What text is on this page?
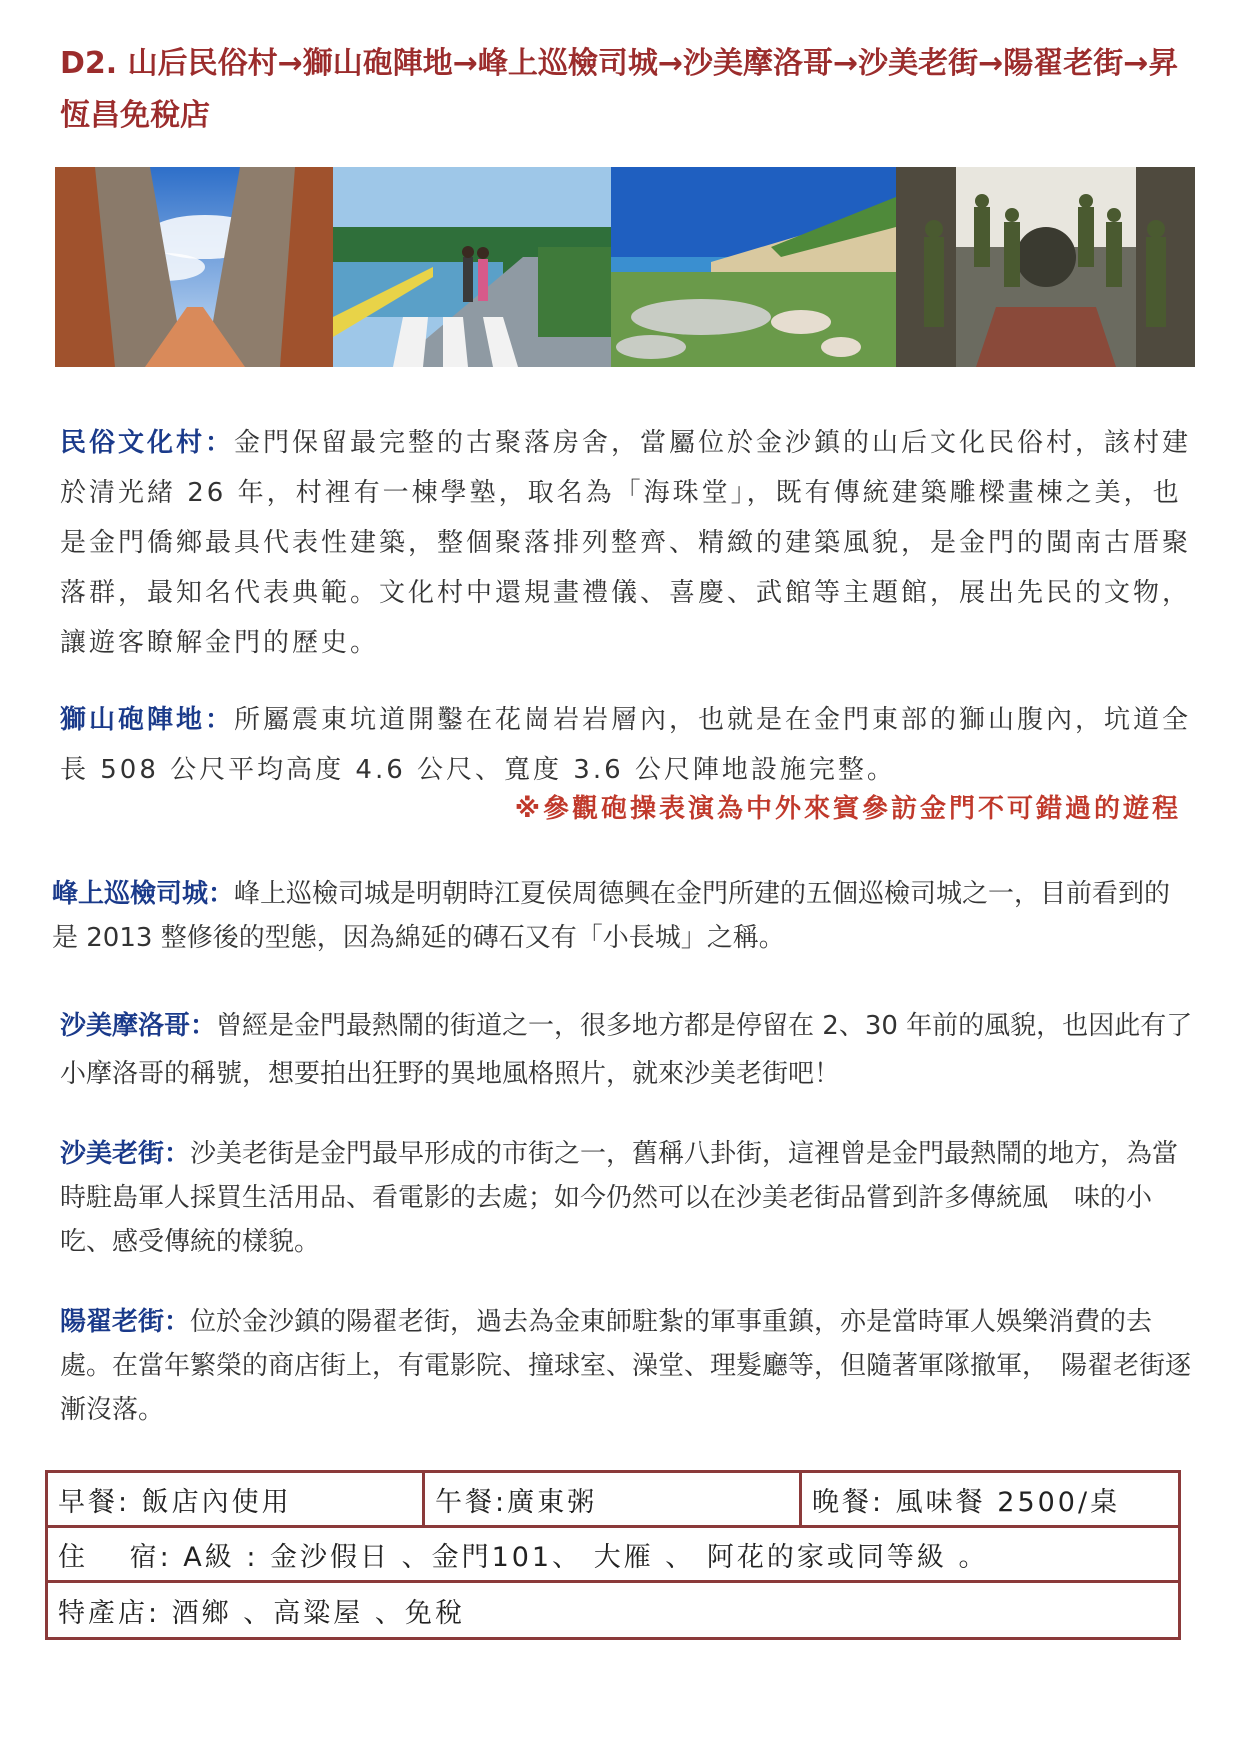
D2. 山后民俗村→獅山砲陣地→峰上巡檢司城→沙美摩洛哥→沙美老街→陽翟老街→昇恆昌免稅店

民俗文化村：金門保留最完整的古聚落房舍，當屬位於金沙鎮的山后文化民俗村，該村建於清光緒 26 年，村裡有一棟學塾，取名為「海珠堂」，既有傳統建築雕樑畫棟之美，也是金門僑鄉最具代表性建築，整個聚落排列整齊、精緻的建築風貌，是金門的閩南古厝聚落群，最知名代表典範。文化村中還規畫禮儀、喜慶、武館等主題館，展出先民的文物，讓遊客瞭解金門的歷史。

獅山砲陣地：所屬震東坑道開鑿在花崗岩岩層內，也就是在金門東部的獅山腹內，坑道全長 508 公尺平均高度 4.6 公尺、寬度 3.6 公尺陣地設施完整。

※參觀砲操表演為中外來賓參訪金門不可錯過的遊程

峰上巡檢司城：峰上巡檢司城是明朝時江夏侯周德興在金門所建的五個巡檢司城之一，目前看到的是 2013 整修後的型態，因為綿延的磚石又有「小長城」之稱。

沙美摩洛哥：曾經是金門最熱鬧的街道之一，很多地方都是停留在 2、30 年前的風貌，也因此有了小摩洛哥的稱號，想要拍出狂野的異地風格照片，就來沙美老街吧！

沙美老街：沙美老街是金門最早形成的市街之一，舊稱八卦街，這裡曾是金門最熱鬧的地方，為當時駐島軍人採買生活用品、看電影的去處；如今仍然可以在沙美老街品嘗到許多傳統風　味的小吃、感受傳統的樣貌。

陽翟老街：位於金沙鎮的陽翟老街，過去為金東師駐紮的軍事重鎮，亦是當時軍人娛樂消費的去處。在當年繁榮的商店街上，有電影院、撞球室、澡堂、理髮廳等，但隨著軍隊撤軍，　陽翟老街逐漸沒落。

早餐: 飯店內使用	午餐:廣東粥	晚餐: 風味餐 2500/桌
住　 宿: A級 : 金沙假日 、金門101、 大雁 、 阿花的家或同等級 。
特產店: 酒鄉 、高粱屋 、免稅
